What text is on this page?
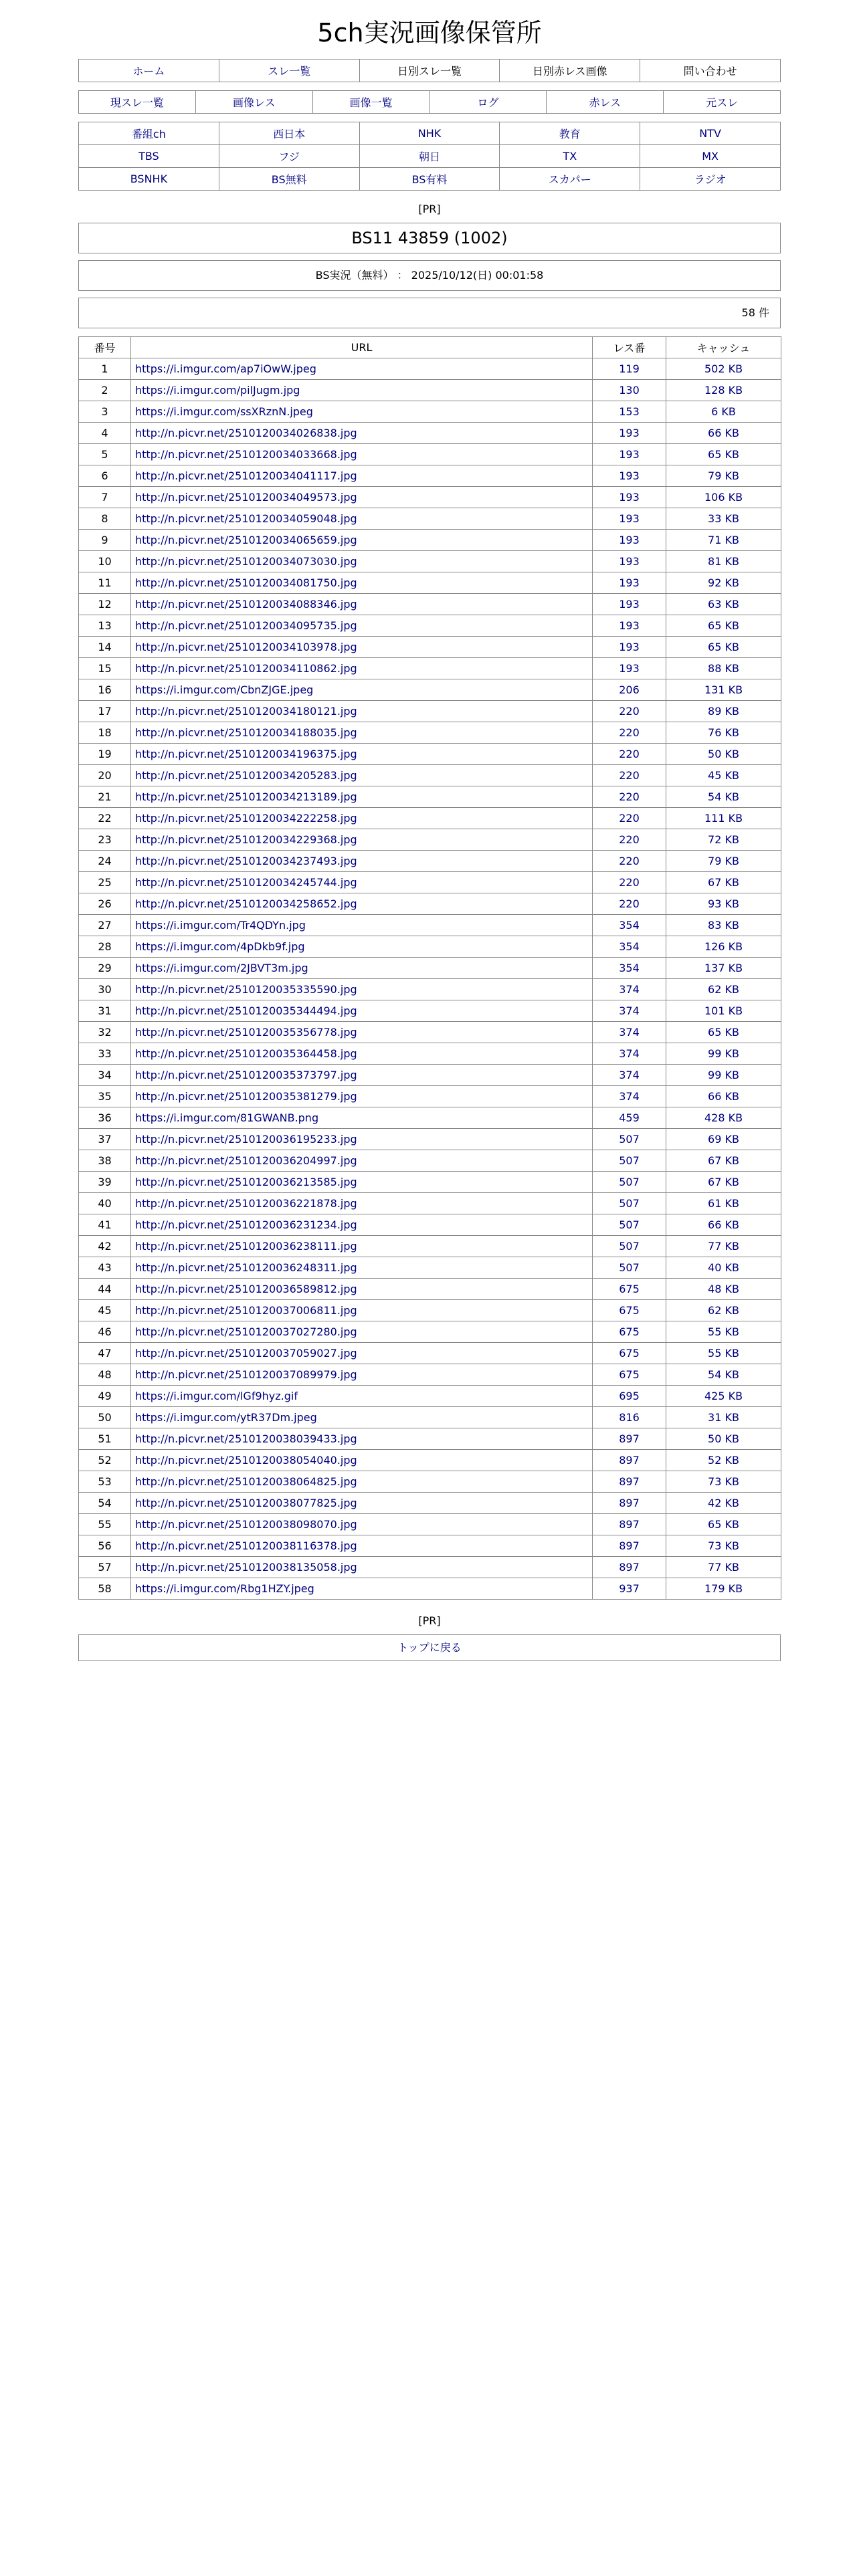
5ch実況画像保管所
ホーム	スレ一覧	日別スレ一覧	日別赤レス画像	問い合わせ
現スレ一覧	画像レス	画像一覧	ログ	赤レス	元スレ
番組ch	西日本	NHK	教育	NTV
TBS	フジ	朝日	TX	MX
BSNHK	BS無料	BS有料	スカパー	ラジオ
[PR]
BS11 43859 (1002)
BS実況（無料） ： 2025/10/12(日) 00:01:58
58 件
番号	URL	レス番	キャッシュ
1	https://i.imgur.com/ap7iOwW.jpeg	119	502 KB
2	https://i.imgur.com/pilJugm.jpg	130	128 KB
3	https://i.imgur.com/ssXRznN.jpeg	153	6 KB
4	http://n.picvr.net/2510120034026838.jpg	193	66 KB
5	http://n.picvr.net/2510120034033668.jpg	193	65 KB
6	http://n.picvr.net/2510120034041117.jpg	193	79 KB
7	http://n.picvr.net/2510120034049573.jpg	193	106 KB
8	http://n.picvr.net/2510120034059048.jpg	193	33 KB
9	http://n.picvr.net/2510120034065659.jpg	193	71 KB
10	http://n.picvr.net/2510120034073030.jpg	193	81 KB
11	http://n.picvr.net/2510120034081750.jpg	193	92 KB
12	http://n.picvr.net/2510120034088346.jpg	193	63 KB
13	http://n.picvr.net/2510120034095735.jpg	193	65 KB
14	http://n.picvr.net/2510120034103978.jpg	193	65 KB
15	http://n.picvr.net/2510120034110862.jpg	193	88 KB
16	https://i.imgur.com/CbnZJGE.jpeg	206	131 KB
17	http://n.picvr.net/2510120034180121.jpg	220	89 KB
18	http://n.picvr.net/2510120034188035.jpg	220	76 KB
19	http://n.picvr.net/2510120034196375.jpg	220	50 KB
20	http://n.picvr.net/2510120034205283.jpg	220	45 KB
21	http://n.picvr.net/2510120034213189.jpg	220	54 KB
22	http://n.picvr.net/2510120034222258.jpg	220	111 KB
23	http://n.picvr.net/2510120034229368.jpg	220	72 KB
24	http://n.picvr.net/2510120034237493.jpg	220	79 KB
25	http://n.picvr.net/2510120034245744.jpg	220	67 KB
26	http://n.picvr.net/2510120034258652.jpg	220	93 KB
27	https://i.imgur.com/Tr4QDYn.jpg	354	83 KB
28	https://i.imgur.com/4pDkb9f.jpg	354	126 KB
29	https://i.imgur.com/2JBVT3m.jpg	354	137 KB
30	http://n.picvr.net/2510120035335590.jpg	374	62 KB
31	http://n.picvr.net/2510120035344494.jpg	374	101 KB
32	http://n.picvr.net/2510120035356778.jpg	374	65 KB
33	http://n.picvr.net/2510120035364458.jpg	374	99 KB
34	http://n.picvr.net/2510120035373797.jpg	374	99 KB
35	http://n.picvr.net/2510120035381279.jpg	374	66 KB
36	https://i.imgur.com/81GWANB.png	459	428 KB
37	http://n.picvr.net/2510120036195233.jpg	507	69 KB
38	http://n.picvr.net/2510120036204997.jpg	507	67 KB
39	http://n.picvr.net/2510120036213585.jpg	507	67 KB
40	http://n.picvr.net/2510120036221878.jpg	507	61 KB
41	http://n.picvr.net/2510120036231234.jpg	507	66 KB
42	http://n.picvr.net/2510120036238111.jpg	507	77 KB
43	http://n.picvr.net/2510120036248311.jpg	507	40 KB
44	http://n.picvr.net/2510120036589812.jpg	675	48 KB
45	http://n.picvr.net/2510120037006811.jpg	675	62 KB
46	http://n.picvr.net/2510120037027280.jpg	675	55 KB
47	http://n.picvr.net/2510120037059027.jpg	675	55 KB
48	http://n.picvr.net/2510120037089979.jpg	675	54 KB
49	https://i.imgur.com/lGf9hyz.gif	695	425 KB
50	https://i.imgur.com/ytR37Dm.jpeg	816	31 KB
51	http://n.picvr.net/2510120038039433.jpg	897	50 KB
52	http://n.picvr.net/2510120038054040.jpg	897	52 KB
53	http://n.picvr.net/2510120038064825.jpg	897	73 KB
54	http://n.picvr.net/2510120038077825.jpg	897	42 KB
55	http://n.picvr.net/2510120038098070.jpg	897	65 KB
56	http://n.picvr.net/2510120038116378.jpg	897	73 KB
57	http://n.picvr.net/2510120038135058.jpg	897	77 KB
58	https://i.imgur.com/Rbg1HZY.jpeg	937	179 KB
[PR]
トップに戻る
